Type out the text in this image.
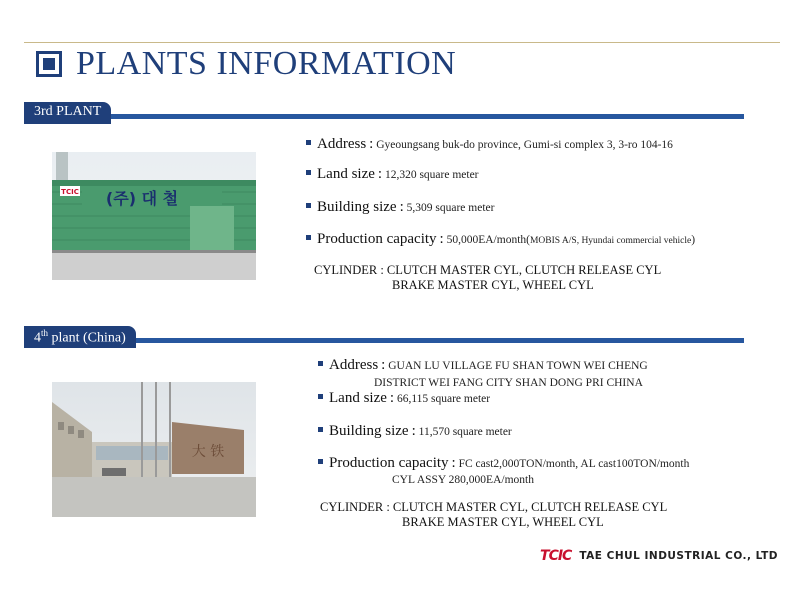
PLANTS INFORMATION
3rd PLANT
TCIC (주) 대 철
Address : Gyeoungsang buk-do province, Gumi-si complex 3, 3-ro 104-16
Land size : 12,320 square meter
Building size : 5,309 square meter
Production capacity : 50,000EA/month(MOBIS A/S, Hyundai commercial vehicle)
CYLINDER : CLUTCH MASTER CYL, CLUTCH RELEASE CYL
BRAKE MASTER CYL, WHEEL CYL
4th plant (China)
大 铁
Address : GUAN LU VILLAGE FU SHAN TOWN WEI CHENG
DISTRICT WEI FANG CITY SHAN DONG PRI CHINA
Land size : 66,115 square meter
Building size : 11,570 square meter
Production capacity : FC cast2,000TON/month, AL cast100TON/month
CYL ASSY 280,000EA/month
CYLINDER : CLUTCH MASTER CYL, CLUTCH RELEASE CYL
BRAKE MASTER CYL, WHEEL CYL
TCIC TAE CHUL INDUSTRIAL CO., LTD
